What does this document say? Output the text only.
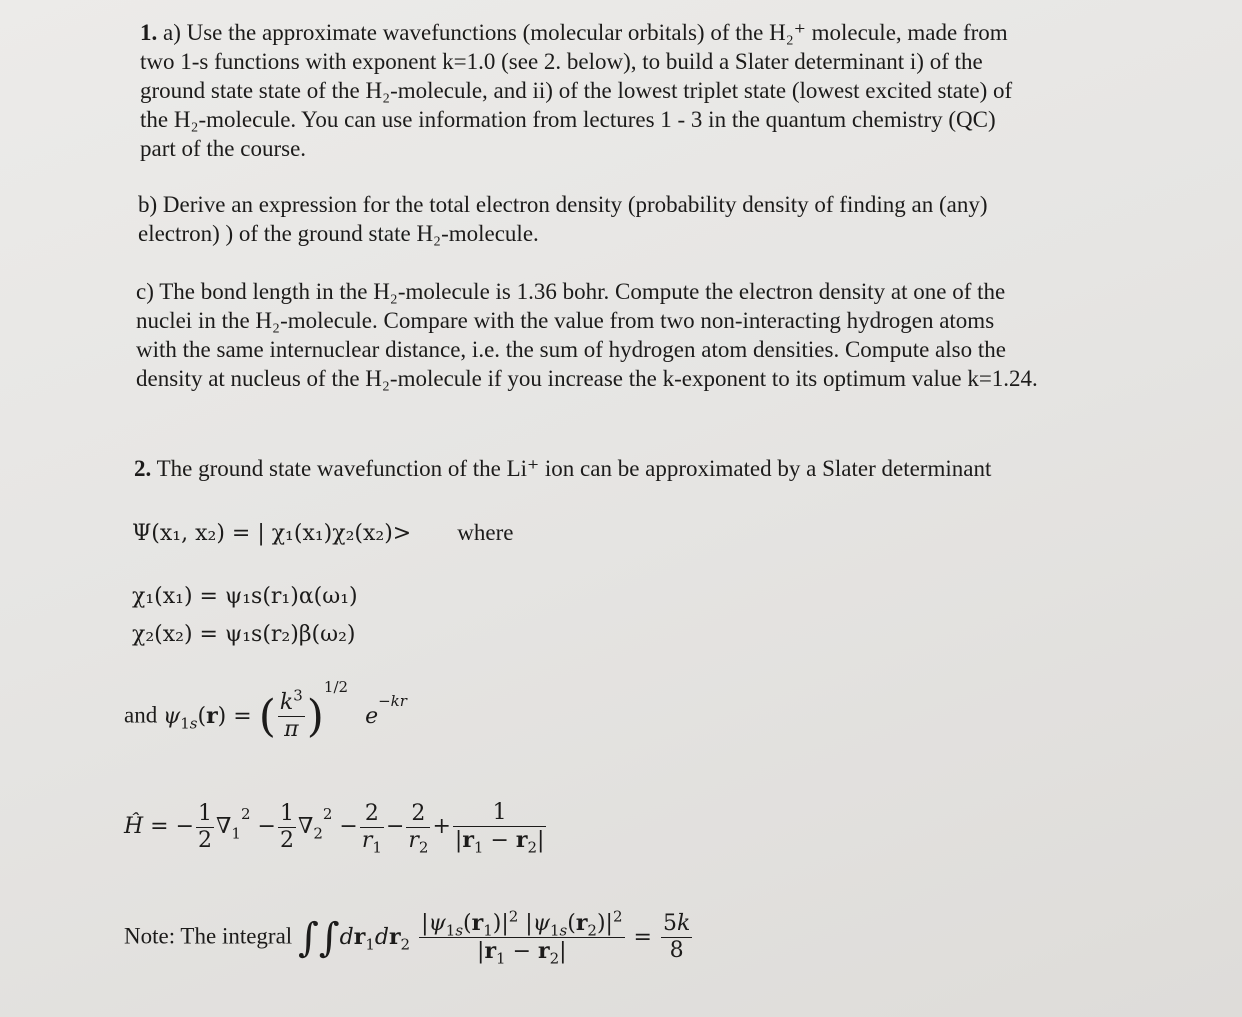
1. a) Use the approximate wavefunctions (molecular orbitals) of the H₂⁺ molecule, made from

two 1-s functions with exponent k=1.0 (see 2. below), to build a Slater determinant i) of the

ground state state of the H₂-molecule, and ii) of the lowest triplet state (lowest excited state) of

the H₂-molecule. You can use information from lectures 1 - 3 in the quantum chemistry (QC)

part of the course.

b) Derive an expression for the total electron density (probability density of finding an (any)

electron) ) of the ground state H₂-molecule.

c) The bond length in the H₂-molecule is 1.36 bohr. Compute the electron density at one of the

nuclei in the H₂-molecule. Compare with the value from two non-interacting hydrogen atoms

with the same internuclear distance, i.e. the sum of hydrogen atom densities. Compute also the

density at nucleus of the H₂-molecule if you increase the k-exponent to its optimum value k=1.24.

2. The ground state wavefunction of the Li⁺ ion can be approximated by a Slater determinant

Ψ(x₁, x₂) = | χ₁(x₁)χ₂(x₂)> where

χ₁(x₁) = ψ₁s(r₁)α(ω₁)
χ₂(x₂) = ψ₁s(r₂)β(ω₂)
and $\psi_{1s}(r)$ = ( $\frac{k^3}{\pi} )^{1/2}$ $e^{-kr}$
Ĥ = − $\frac{1}{2} \nabla_1^2 - \frac{1}{2} \nabla_2^2 - \frac{2}{r_1} - \frac{2}{r_2} + \frac{1}{|r_1 - r_2|}$
Note: The integral $\int\int dr_1dr_2 \frac{|\psi_{1s}(r_1)|^2 |\psi_{1s}(r_2)|^2}{|r_1 - r_2|} = \frac{5k}{8}$
